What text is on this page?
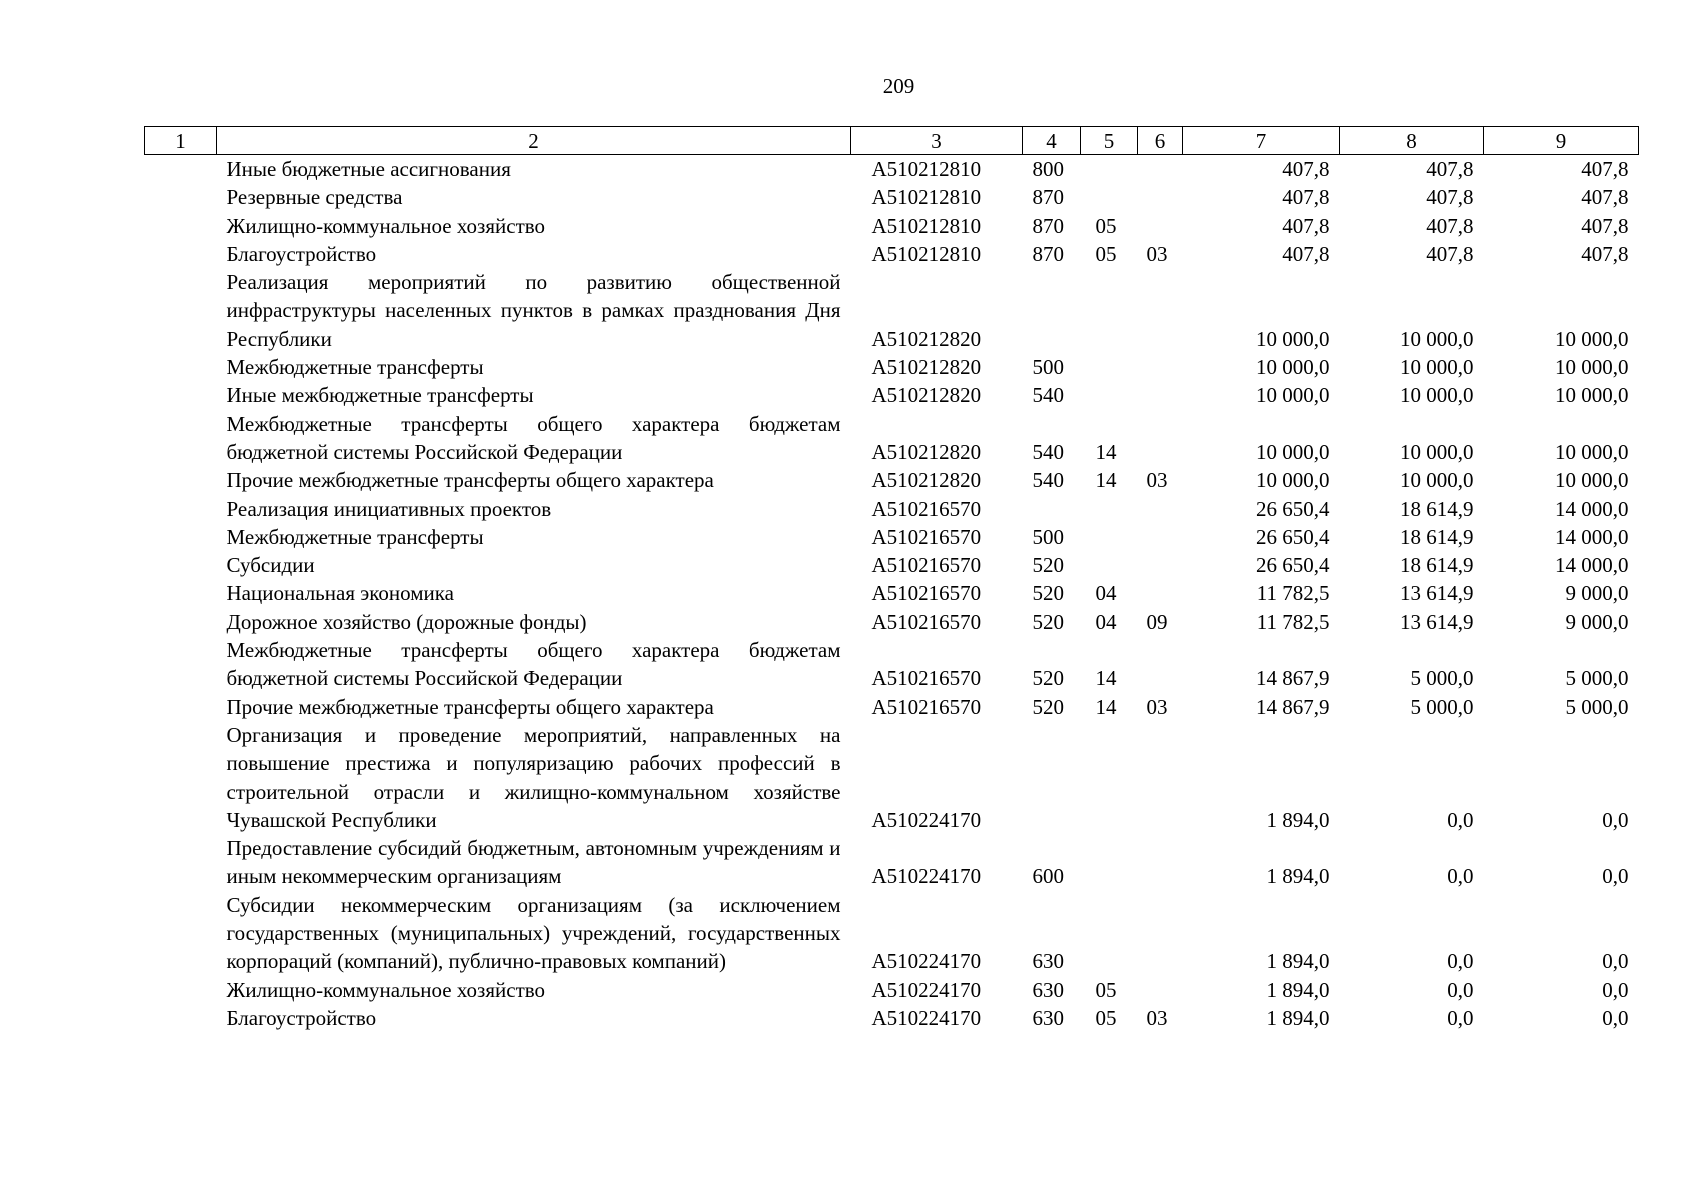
209
1	2	3	4	5	6	7	8	9
	Иные бюджетные ассигнования	А510212810	800			407,8	407,8	407,8
	Резервные средства	А510212810	870			407,8	407,8	407,8
	Жилищно-коммунальное хозяйство	А510212810	870	05		407,8	407,8	407,8
	Благоустройство	А510212810	870	05	03	407,8	407,8	407,8
	Реализация мероприятий по развитию общественной инфраструктуры населенных пунктов в рамках празднования Дня Республики	А510212820				10 000,0	10 000,0	10 000,0
	Межбюджетные трансферты	А510212820	500			10 000,0	10 000,0	10 000,0
	Иные межбюджетные трансферты	А510212820	540			10 000,0	10 000,0	10 000,0
	Межбюджетные трансферты общего характера бюджетам бюджетной системы Российской Федерации	А510212820	540	14		10 000,0	10 000,0	10 000,0
	Прочие межбюджетные трансферты общего характера	А510212820	540	14	03	10 000,0	10 000,0	10 000,0
	Реализация инициативных проектов	А510216570				26 650,4	18 614,9	14 000,0
	Межбюджетные трансферты	А510216570	500			26 650,4	18 614,9	14 000,0
	Субсидии	А510216570	520			26 650,4	18 614,9	14 000,0
	Национальная экономика	А510216570	520	04		11 782,5	13 614,9	9 000,0
	Дорожное хозяйство (дорожные фонды)	А510216570	520	04	09	11 782,5	13 614,9	9 000,0
	Межбюджетные трансферты общего характера бюджетам бюджетной системы Российской Федерации	А510216570	520	14		14 867,9	5 000,0	5 000,0
	Прочие межбюджетные трансферты общего характера	А510216570	520	14	03	14 867,9	5 000,0	5 000,0
	Организация и проведение мероприятий, направленных на повышение престижа и популяризацию рабочих профессий в строительной отрасли и жилищно-коммунальном хозяйстве Чувашской Республики	А510224170				1 894,0	0,0	0,0
	Предоставление субсидий бюджетным, автономным учреждениям и иным некоммерческим организациям	А510224170	600			1 894,0	0,0	0,0
	Субсидии некоммерческим организациям (за исключением государственных (муниципальных) учреждений, государственных корпораций (компаний), публично-правовых компаний)	А510224170	630			1 894,0	0,0	0,0
	Жилищно-коммунальное хозяйство	А510224170	630	05		1 894,0	0,0	0,0
	Благоустройство	А510224170	630	05	03	1 894,0	0,0	0,0
